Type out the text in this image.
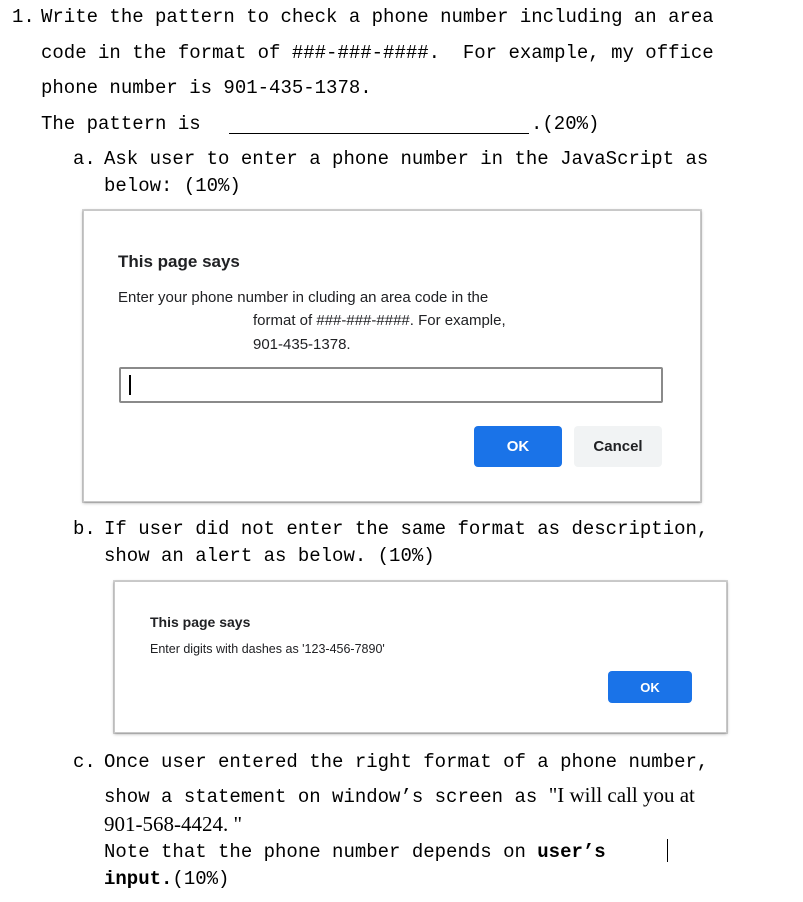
1. Write the pattern to check a phone number including an area
code in the format of ###-###-####.  For example, my office
phone number is 901-435-1378.
The pattern is	.(20%)
a. Ask user to enter a phone number in the JavaScript as
below: (10%)
This page says
Enter your phone number in cluding an area code in the
format of ###-###-####. For example,
901-435-1378.
OK	Cancel
b. If user did not enter the same format as description,
show an alert as below. (10%)
This page says
Enter digits with dashes as '123-456-7890'
OK
c. Once user entered the right format of a phone number,
show a statement on window’s screen as "I will call you at
901-568-4424. "
Note that the phone number depends on user’s
input.(10%)
